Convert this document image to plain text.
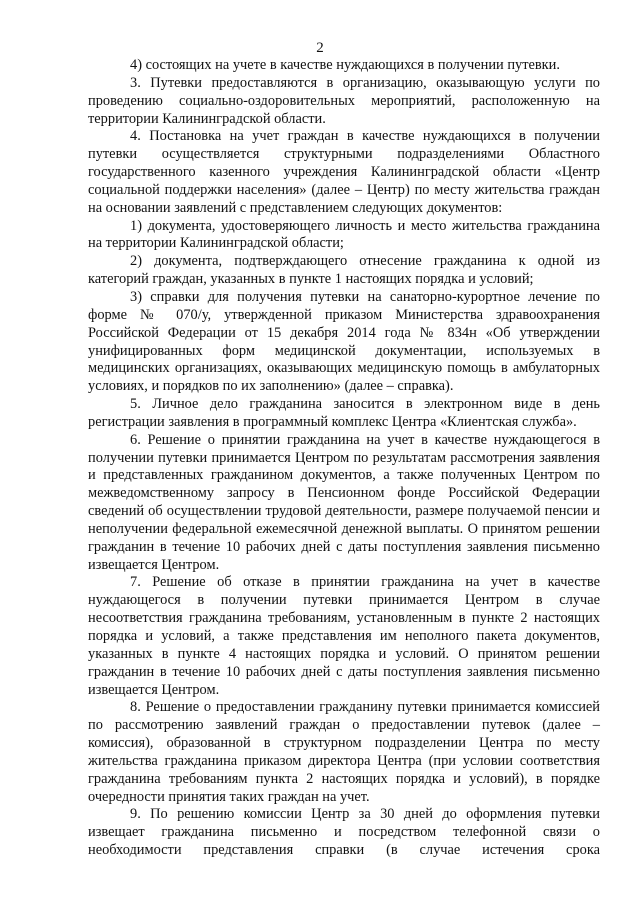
2

4) состоящих на учете в качестве нуждающихся в получении путевки.

3. Путевки предоставляются в организацию, оказывающую услуги по проведению социально-оздоровительных мероприятий, расположенную на территории Калининградской области.

4. Постановка на учет граждан в качестве нуждающихся в получении путевки осуществляется структурными подразделениями Областного государственного казенного учреждения Калининградской области «Центр социальной поддержки населения» (далее – Центр) по месту жительства граждан на основании заявлений с представлением следующих документов:

1) документа, удостоверяющего личность и место жительства гражданина на территории Калининградской области;

2) документа, подтверждающего отнесение гражданина к одной из категорий граждан, указанных в пункте 1 настоящих порядка и условий;

3) справки для получения путевки на санаторно-курортное лечение по форме № 070/у, утвержденной приказом Министерства здравоохранения Российской Федерации от 15 декабря 2014 года № 834н «Об утверждении унифицированных форм медицинской документации, используемых в медицинских организациях, оказывающих медицинскую помощь в амбулаторных условиях, и порядков по их заполнению» (далее – справка).

5. Личное дело гражданина заносится в электронном виде в день регистрации заявления в программный комплекс Центра «Клиентская служба».

6. Решение о принятии гражданина на учет в качестве нуждающегося в получении путевки принимается Центром по результатам рассмотрения заявления и представленных гражданином документов, а также полученных Центром по межведомственному запросу в Пенсионном фонде Российской Федерации сведений об осуществлении трудовой деятельности, размере получаемой пенсии и неполучении федеральной ежемесячной денежной выплаты. О принятом решении гражданин в течение 10 рабочих дней с даты поступления заявления письменно извещается Центром.

7. Решение об отказе в принятии гражданина на учет в качестве нуждающегося в получении путевки принимается Центром в случае несоответствия гражданина требованиям, установленным в пункте 2 настоящих порядка и условий, а также представления им неполного пакета документов, указанных в пункте 4 настоящих порядка и условий. О принятом решении гражданин в течение 10 рабочих дней с даты поступления заявления письменно извещается Центром.

8. Решение о предоставлении гражданину путевки принимается комиссией по рассмотрению заявлений граждан о предоставлении путевок (далее – комиссия), образованной в структурном подразделении Центра по месту жительства гражданина приказом директора Центра (при условии соответствия гражданина требованиям пункта 2 настоящих порядка и условий), в порядке очередности принятия таких граждан на учет.

9. По решению комиссии Центр за 30 дней до оформления путевки извещает гражданина письменно и посредством телефонной связи о необходимости представления справки (в случае истечения срока
